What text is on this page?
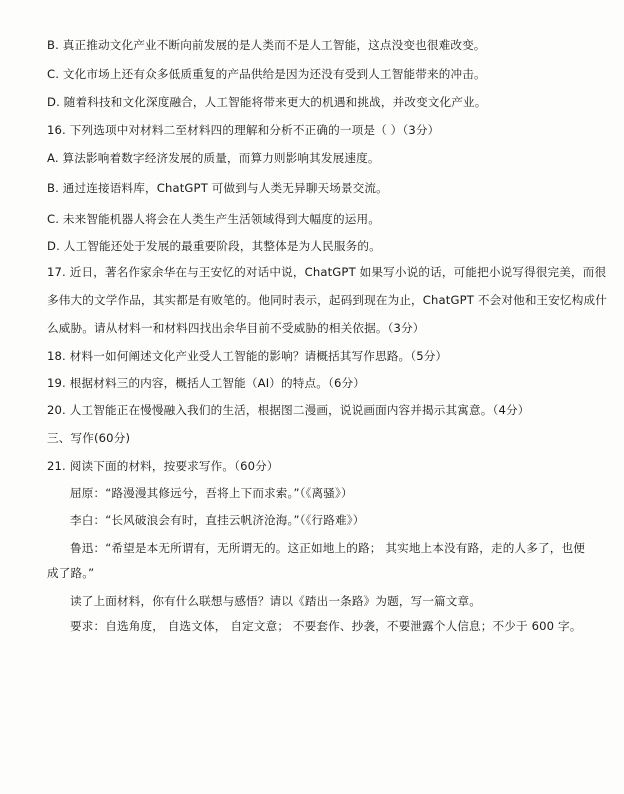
B. 真正推动文化产业不断向前发展的是人类而不是人工智能，这点没变也很难改变。
C. 文化市场上还有众多低质重复的产品供给是因为还没有受到人工智能带来的冲击。
D. 随着科技和文化深度融合，人工智能将带来更大的机遇和挑战，并改变文化产业。
16. 下列选项中对材料二至材料四的理解和分析不正确的一项是（ ）（3分）
A. 算法影响着数字经济发展的质量，而算力则影响其发展速度。
B. 通过连接语料库，ChatGPT 可做到与人类无异聊天场景交流。
C. 未来智能机器人将会在人类生产生活领域得到大幅度的运用。
D. 人工智能还处于发展的最重要阶段，其整体是为人民服务的。
17. 近日，著名作家余华在与王安忆的对话中说，ChatGPT 如果写小说的话，可能把小说写得很完美，而很
多伟大的文学作品，其实都是有败笔的。他同时表示，起码到现在为止，ChatGPT 不会对他和王安忆构成什
么威胁。请从材料一和材料四找出余华目前不受威胁的相关依据。（3分）
18. 材料一如何阐述文化产业受人工智能的影响？请概括其写作思路。（5分）
19. 根据材料三的内容，概括人工智能（AI）的特点。（6分）
20. 人工智能正在慢慢融入我们的生活，根据图二漫画，说说画面内容并揭示其寓意。（4分）
三、写作(60分)
21. 阅读下面的材料，按要求写作。（60分）
屈原：“路漫漫其修远兮，吾将上下而求索。”（《离骚》）
李白：“长风破浪会有时，直挂云帆济沧海。”（《行路难》）
鲁迅：“希望是本无所谓有，无所谓无的。这正如地上的路； 其实地上本没有路，走的人多了，也便
成了路。”
读了上面材料，你有什么联想与感悟？请以《踏出一条路》为题，写一篇文章。
要求：自选角度， 自选文体， 自定文意； 不要套作、抄袭，不要泄露个人信息；不少于 600 字。
